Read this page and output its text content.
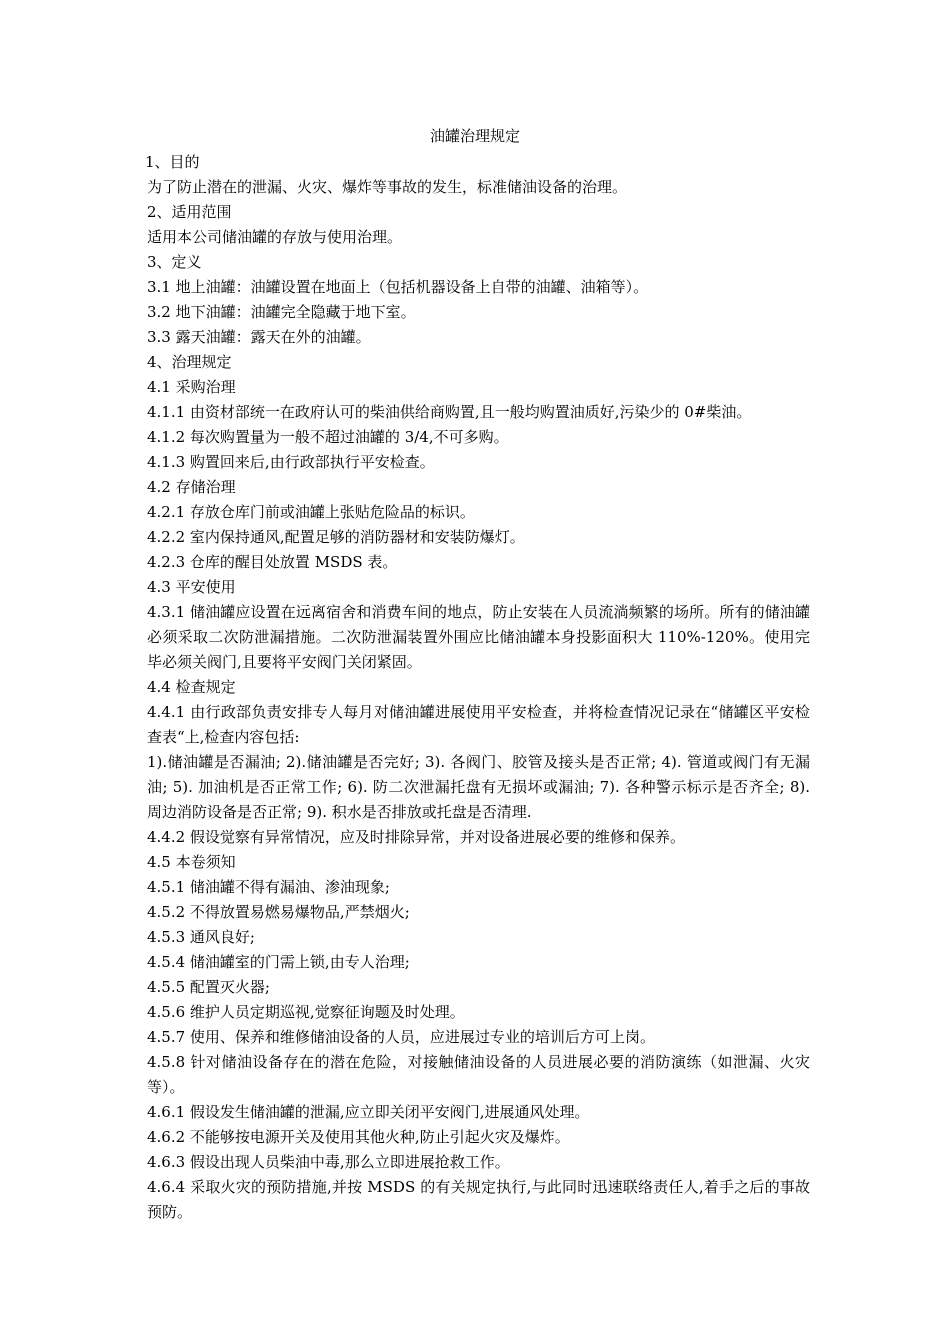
油罐治理规定

1、目的

为了防止潜在的泄漏、火灾、爆炸等事故的发生，标准储油设备的治理。

2、适用范围

适用本公司储油罐的存放与使用治理。

3、定义

3.1 地上油罐：油罐设置在地面上（包括机器设备上自带的油罐、油箱等）。

3.2 地下油罐：油罐完全隐藏于地下室。

3.3 露天油罐：露天在外的油罐。

4、治理规定

4.1 采购治理

4.1.1 由资材部统一在政府认可的柴油供给商购置,且一般均购置油质好,污染少的 0#柴油。

4.1.2 每次购置量为一般不超过油罐的 3/4,不可多购。

4.1.3 购置回来后,由行政部执行平安检查。

4.2 存储治理

4.2.1 存放仓库门前或油罐上张贴危险品的标识。

4.2.2 室内保持通风,配置足够的消防器材和安装防爆灯。

4.2.3 仓库的醒目处放置 MSDS 表。

4.3 平安使用

4.3.1 储油罐应设置在远离宿舍和消费车间的地点，防止安装在人员流淌频繁的场所。所有的储油罐必须采取二次防泄漏措施。二次防泄漏装置外围应比储油罐本身投影面积大 110%-120%。使用完毕必须关阀门,且要将平安阀门关闭紧固。

4.4 检查规定

4.4.1 由行政部负责安排专人每月对储油罐进展使用平安检查，并将检查情况记录在“储罐区平安检查表“上,检查内容包括:

1).储油罐是否漏油; 2).储油罐是否完好; 3). 各阀门、胶管及接头是否正常; 4). 管道或阀门有无漏油; 5). 加油机是否正常工作; 6). 防二次泄漏托盘有无损坏或漏油; 7). 各种警示标示是否齐全; 8). 周边消防设备是否正常; 9). 积水是否排放或托盘是否清理.

4.4.2 假设觉察有异常情况，应及时排除异常，并对设备进展必要的维修和保养。

4.5 本卷须知

4.5.1 储油罐不得有漏油、渗油现象;

4.5.2 不得放置易燃易爆物品,严禁烟火;

4.5.3 通风良好;

4.5.4 储油罐室的门需上锁,由专人治理;

4.5.5 配置灭火器;

4.5.6 维护人员定期巡视,觉察征询题及时处理。

4.5.7 使用、保养和维修储油设备的人员，应进展过专业的培训后方可上岗。

4.5.8 针对储油设备存在的潜在危险，对接触储油设备的人员进展必要的消防演练（如泄漏、火灾等）。

4.6.1 假设发生储油罐的泄漏,应立即关闭平安阀门,进展通风处理。

4.6.2 不能够按电源开关及使用其他火种,防止引起火灾及爆炸。

4.6.3 假设出现人员柴油中毒,那么立即进展抢救工作。

4.6.4 采取火灾的预防措施,并按 MSDS 的有关规定执行,与此同时迅速联络责任人,着手之后的事故预防。
